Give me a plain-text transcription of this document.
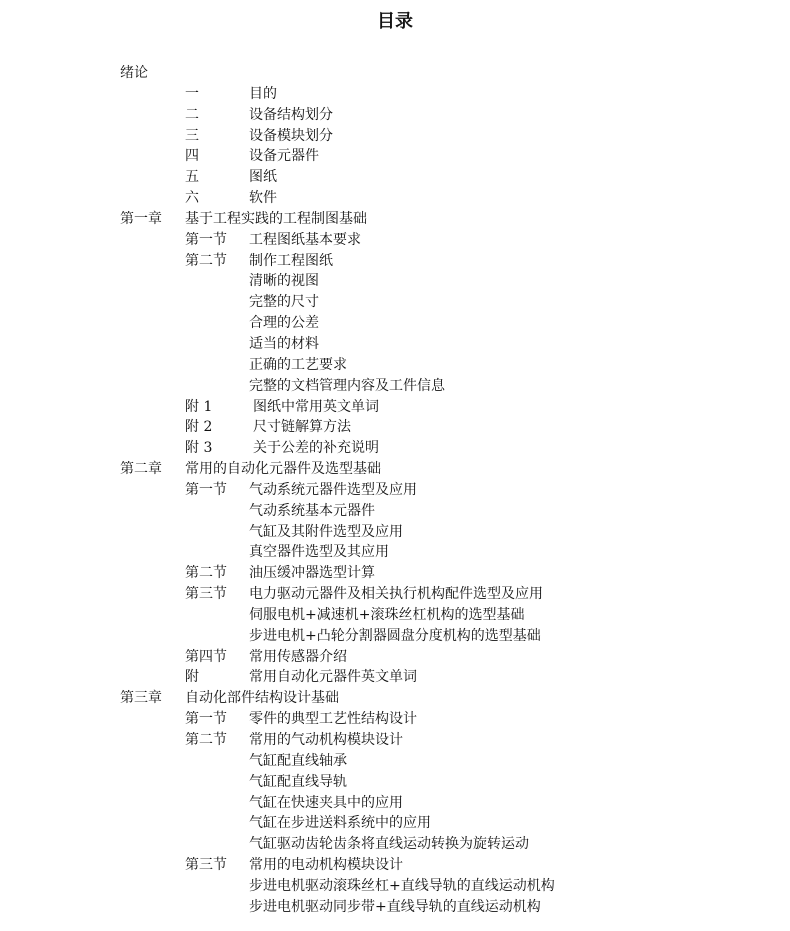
目录
绪论
一	目的
二	设备结构划分
三	设备模块划分
四	设备元器件
五	图纸
六	软件
第一章 基于工程实践的工程制图基础
第一节 工程图纸基本要求
第二节 制作工程图纸
清晰的视图
完整的尺寸
合理的公差
适当的材料
正确的工艺要求
完整的文档管理内容及工件信息
附 1	图纸中常用英文单词
附 2	尺寸链解算方法
附 3	关于公差的补充说明
第二章 常用的自动化元器件及选型基础
第一节 气动系统元器件选型及应用
气动系统基本元器件
气缸及其附件选型及应用
真空器件选型及其应用
第二节 油压缓冲器选型计算
第三节 电力驱动元器件及相关执行机构配件选型及应用
伺服电机+减速机+滚珠丝杠机构的选型基础
步进电机+凸轮分割器圆盘分度机构的选型基础
第四节 常用传感器介绍
附	常用自动化元器件英文单词
第三章 自动化部件结构设计基础
第一节 零件的典型工艺性结构设计
第二节 常用的气动机构模块设计
气缸配直线轴承
气缸配直线导轨
气缸在快速夹具中的应用
气缸在步进送料系统中的应用
气缸驱动齿轮齿条将直线运动转换为旋转运动
第三节 常用的电动机构模块设计
步进电机驱动滚珠丝杠+直线导轨的直线运动机构
步进电机驱动同步带+直线导轨的直线运动机构
